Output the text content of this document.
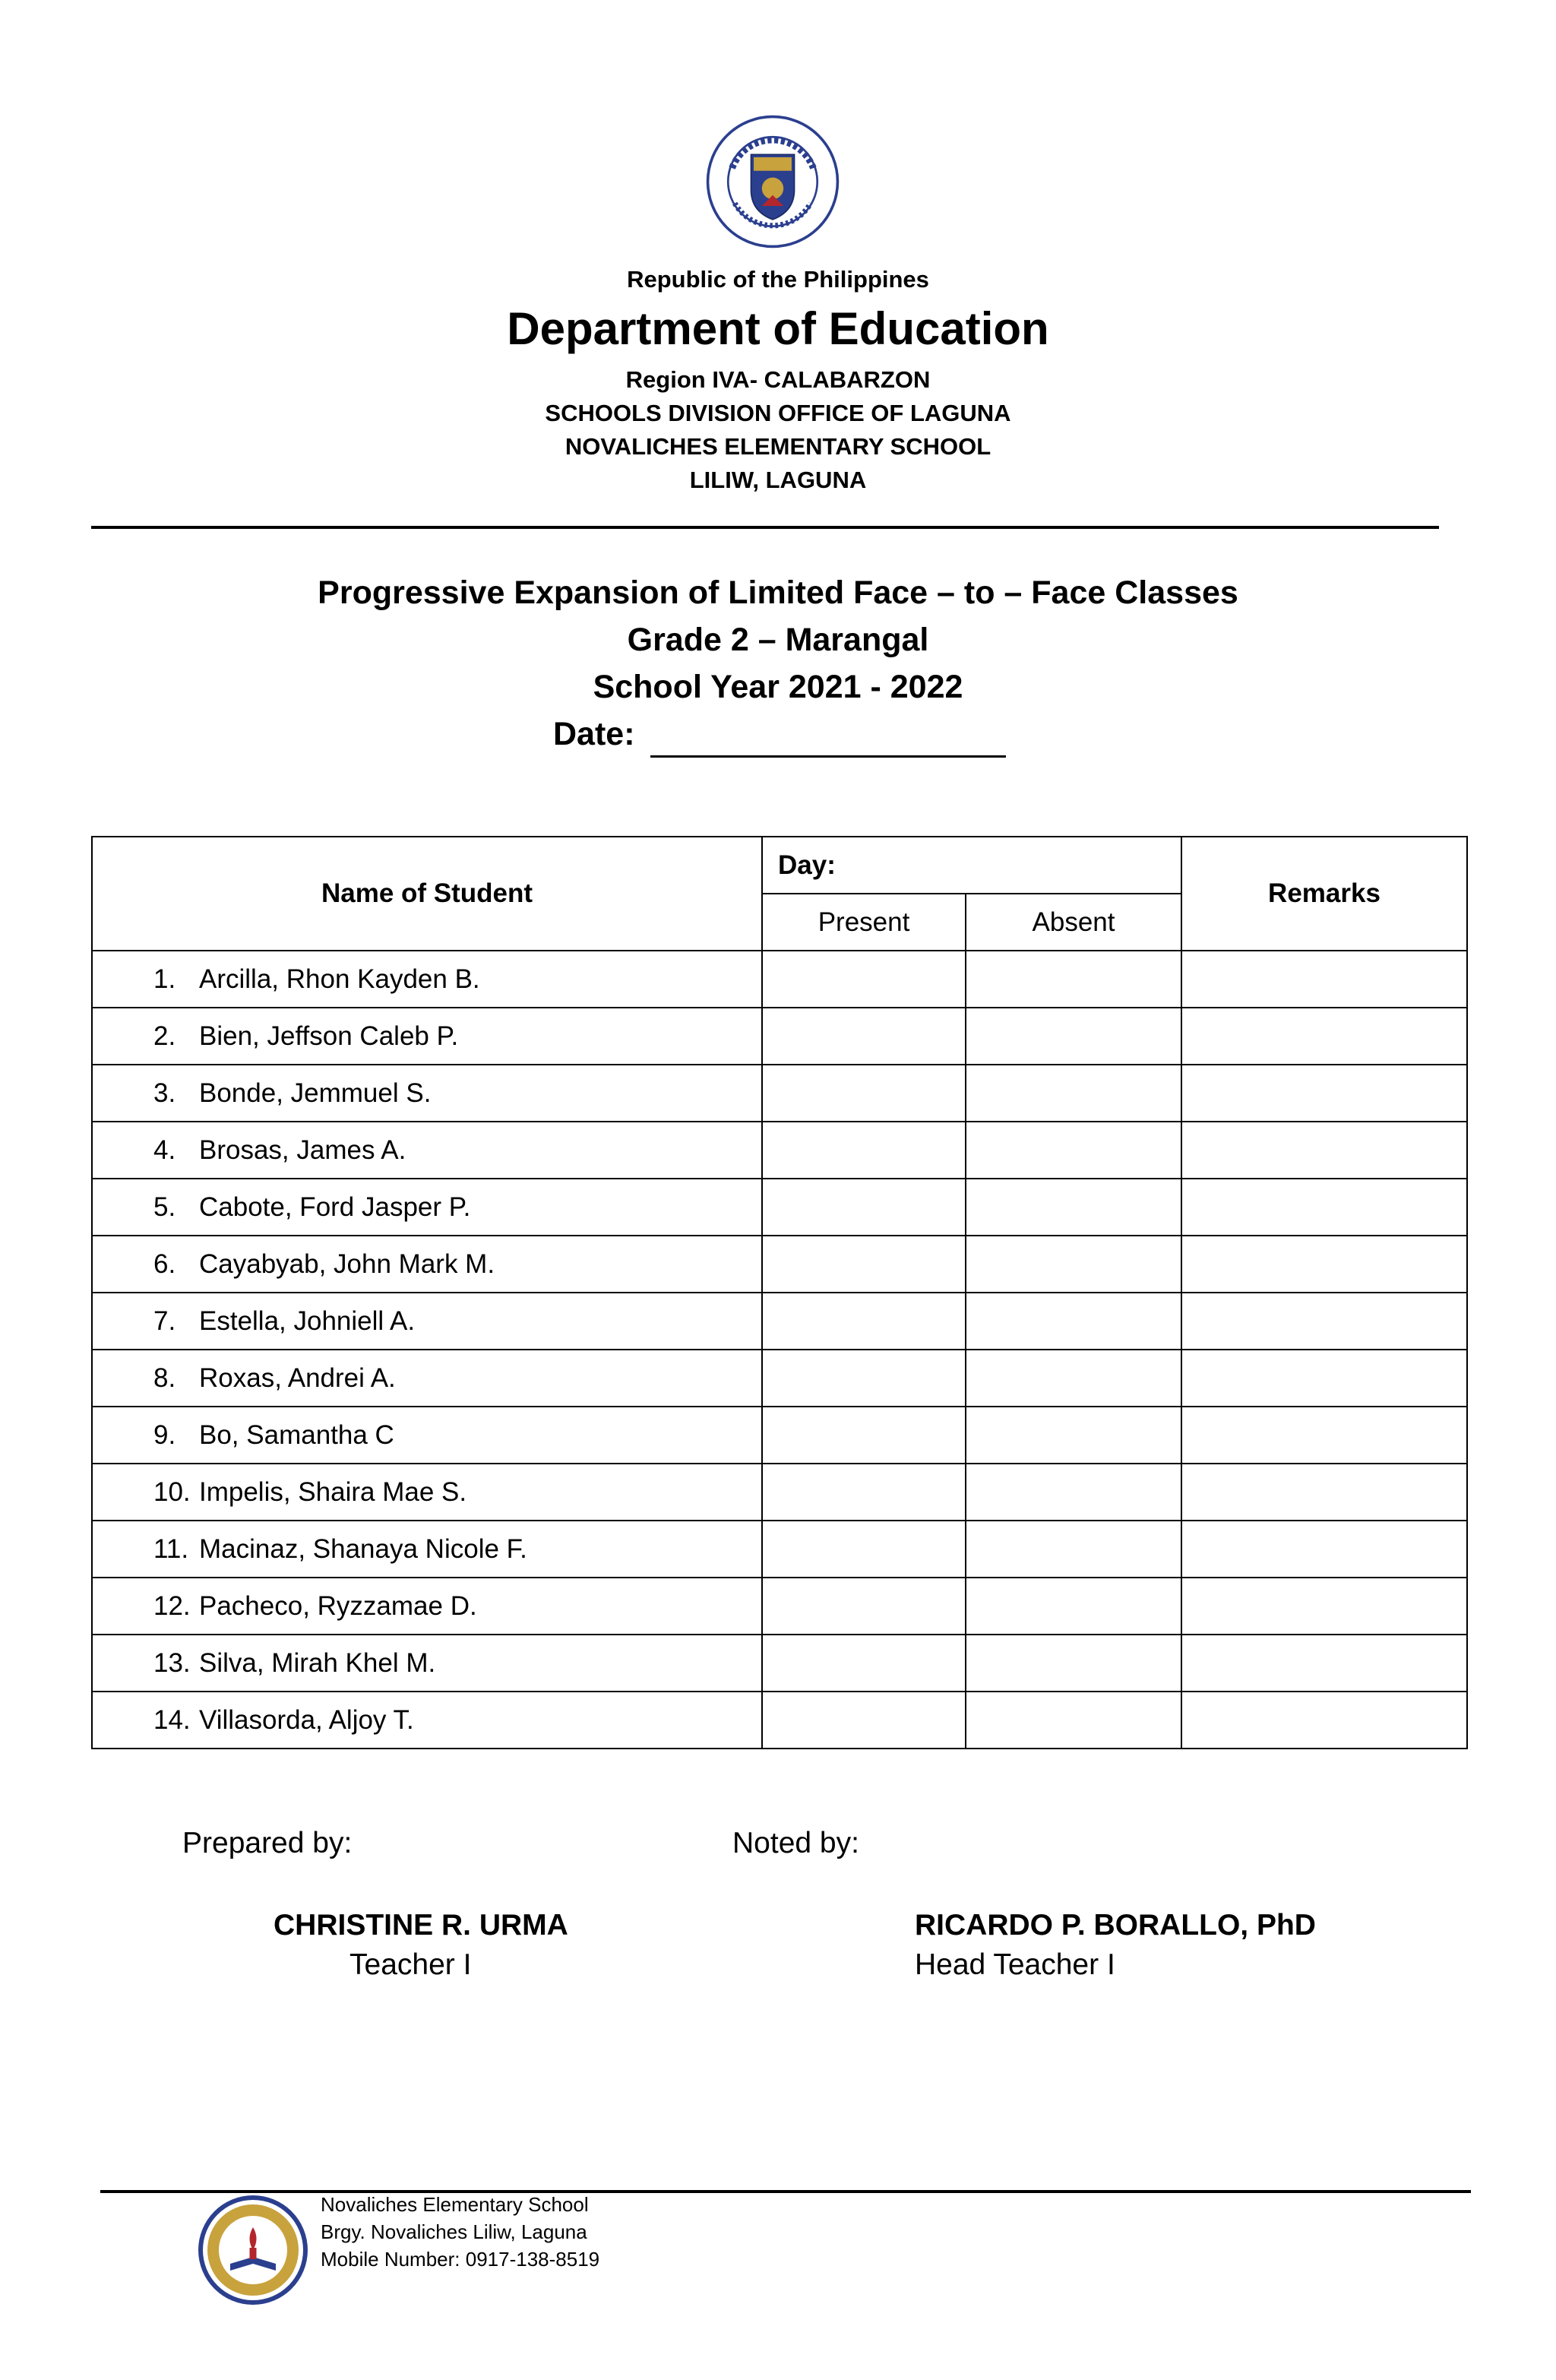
Republic of the Philippines
Department of Education
Region IVA- CALABARZON
SCHOOLS DIVISION OFFICE OF LAGUNA
NOVALICHES ELEMENTARY SCHOOL
LILIW, LAGUNA
Progressive Expansion of Limited Face – to – Face Classes
Grade 2 – Marangal
School Year 2021 - 2022
Date:
Name of Student	Day:		Remarks
	Present	Absent	
1. Arcilla, Rhon Kayden B.			
2. Bien, Jeffson Caleb P.			
3. Bonde, Jemmuel S.			
4. Brosas, James A.			
5. Cabote, Ford Jasper P.			
6. Cayabyab, John Mark M.			
7. Estella, Johniell A.			
8. Roxas, Andrei A.			
9. Bo, Samantha C			
10. Impelis, Shaira Mae S.			
11. Macinaz, Shanaya Nicole F.			
12. Pacheco, Ryzzamae D.			
13. Silva, Mirah Khel M.			
14. Villasorda, Aljoy T.			
Prepared by:	Noted by:
CHRISTINE R. URMA
Teacher I
RICARDO P. BORALLO, PhD
Head Teacher I
Novaliches Elementary School
Brgy. Novaliches Liliw, Laguna
Mobile Number: 0917-138-8519
